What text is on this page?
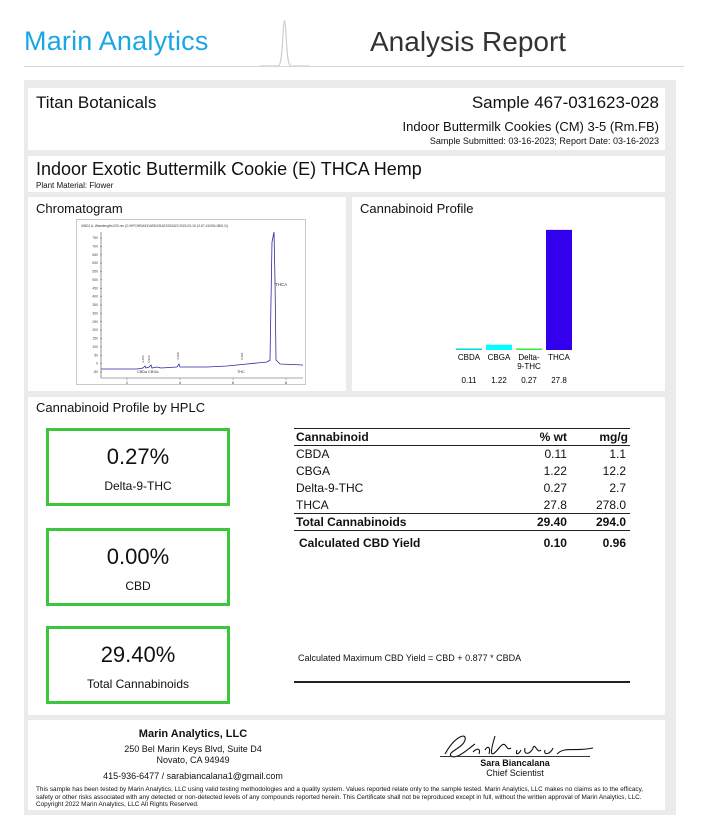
Marin Analytics	Analysis Report
Titan Botanicals	Sample 467-031623-028
Indoor Buttermilk Cookies (CM) 3-5 (Rm.FB)
Sample Submitted: 03-16-2023; Report Date: 03-16-2023
Indoor Exotic Buttermilk Cookie (E) THCA Hemp
Plant Material: Flower
Chromatogram
VWD1 A, Wavelength=220 nm (C:\HPCHEM\1\DATA\031623\031623 2023-03-16 12-57-41\054-0801.D)
750
700
650
600
550
500
450
400
350
300
250
200
150
100
50
0
-50
2	4	6	8
THCA
THC
CBDa CBGa
3.254 3.526	4.389	6.381
Cannabinoid Profile
CBDA
0.11
CBGA
1.22
Delta-
9-THC
0.27
THCA
27.8
Cannabinoid Profile by HPLC
0.27%
Delta-9-THC
0.00%
CBD
29.40%
Total Cannabinoids
Cannabinoid	% wt	mg/g
CBDA	0.11	1.1
CBGA	1.22	12.2
Delta-9-THC	0.27	2.7
THCA	27.8	278.0
Total Cannabinoids	29.40	294.0
Calculated CBD Yield	0.10	0.96
Calculated Maximum CBD Yield = CBD + 0.877 * CBDA
Marin Analytics, LLC
250 Bel Marin Keys Blvd, Suite D4
Novato, CA 94949
415-936-6477 / sarabiancalana1@gmail.com
Sara Biancalana
Chief Scientist
This sample has been tested by Marin Analytics, LLC using valid testing methodologies and a quality system. Values reported relate only to the sample tested. Marin Analytics, LLC makes no claims as to the efficacy, safety or other risks associated with any detected or non-detected levels of any compounds reported herein. This Certificate shall not be reproduced except in full, without the written approval of Marin Analytics, LLC. Copyright 2022 Marin Analytics, LLC All Rights Reserved.
